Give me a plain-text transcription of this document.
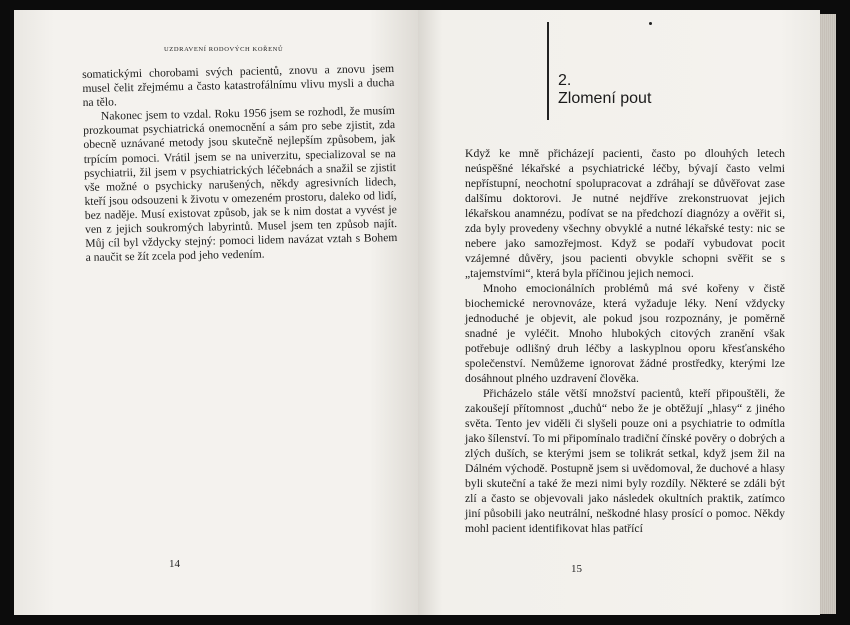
UZDRAVENÍ RODOVÝCH KOŘENŮ

somatickými chorobami svých pacientů, znovu a znovu jsem musel čelit zřejmému a často katastrofálnímu vlivu mysli a ducha na tělo.

Nakonec jsem to vzdal. Roku 1956 jsem se rozhodl, že musím prozkoumat psychiatrická onemocnění a sám pro sebe zjistit, zda obecně uznávané metody jsou skutečně nejlepším způsobem, jak trpícím pomoci. Vrátil jsem se na univerzitu, specializoval se na psychiatrii, žil jsem v psychiatrických léčebnách a snažil se zjistit vše možné o psychicky narušených, někdy agresivních lidech, kteří jsou odsouzeni k životu v omezeném prostoru, daleko od lidí, bez naděje. Musí existovat způsob, jak se k nim dostat a vyvést je ven z jejich soukromých labyrintů. Musel jsem ten způsob najít. Můj cíl byl vždycky stejný: pomoci lidem navázat vztah s Bohem a naučit se žít zcela pod jeho vedením.

14
2.
Zlomení pout

Když ke mně přicházejí pacienti, často po dlouhých letech neúspěšné lékařské a psychiatrické léčby, bývají často velmi nepřístupní, neochotní spolupracovat a zdráhají se důvěřovat zase dalšímu doktorovi. Je nutné nejdříve zrekonstruovat jejich lékařskou anamnézu, podívat se na předchozí diagnózy a ověřit si, zda byly provedeny všechny obvyklé a nutné lékařské testy: nic se nebere jako samozřejmost. Když se podaří vybudovat pocit vzájemné důvěry, jsou pacienti obvykle schopni svěřit se s „tajemstvími“, která byla příčinou jejich nemoci.

Mnoho emocionálních problémů má své kořeny v čistě biochemické nerovnováze, která vyžaduje léky. Není vždycky jednoduché je objevit, ale pokud jsou rozpoznány, je poměrně snadné je vyléčit. Mnoho hlubokých citových zranění však potřebuje odlišný druh léčby a laskyplnou oporu křesťanského společenství. Nemůžeme ignorovat žádné prostředky, kterými lze dosáhnout plného uzdravení člověka.

Přicházelo stále větší množství pacientů, kteří připouštěli, že zakoušejí přítomnost „duchů“ nebo že je obtěžují „hlasy“ z jiného světa. Tento jev viděli či slyšeli pouze oni a psychiatrie to odmítla jako šílenství. To mi připomínalo tradiční čínské pověry o dobrých a zlých duších, se kterými jsem se tolikrát setkal, když jsem žil na Dálném východě. Postupně jsem si uvědomoval, že duchové a hlasy byli skuteční a také že mezi nimi byly rozdíly. Některé se zdáli být zlí a často se objevovali jako následek okultních praktik, zatímco jiní působili jako neutrální, neškodné hlasy prosící o pomoc. Někdy mohl pacient identifikovat hlas patřící

15
